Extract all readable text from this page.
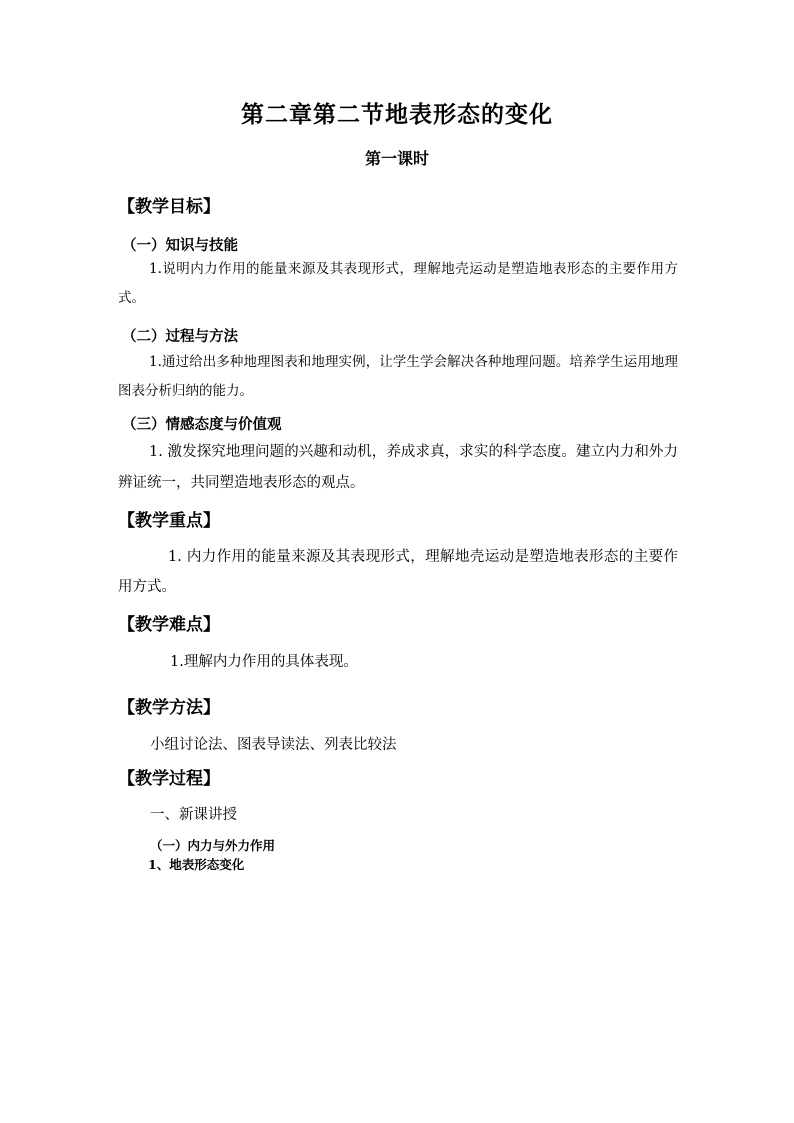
第二章第二节地表形态的变化
第一课时
【教学目标】
（一）知识与技能
1.说明内力作用的能量来源及其表现形式，理解地壳运动是塑造地表形态的主要作用方式。
（二）过程与方法
1.通过给出多种地理图表和地理实例，让学生学会解决各种地理问题。培养学生运用地理图表分析归纳的能力。
（三）情感态度与价值观
1. 激发探究地理问题的兴趣和动机，养成求真，求实的科学态度。建立内力和外力辨证统一，共同塑造地表形态的观点。
【教学重点】
1. 内力作用的能量来源及其表现形式，理解地壳运动是塑造地表形态的主要作用方式。
【教学难点】
1.理解内力作用的具体表现。
【教学方法】
小组讨论法、图表导读法、列表比较法
【教学过程】
一、新课讲授
（一）内力与外力作用
1、地表形态变化
